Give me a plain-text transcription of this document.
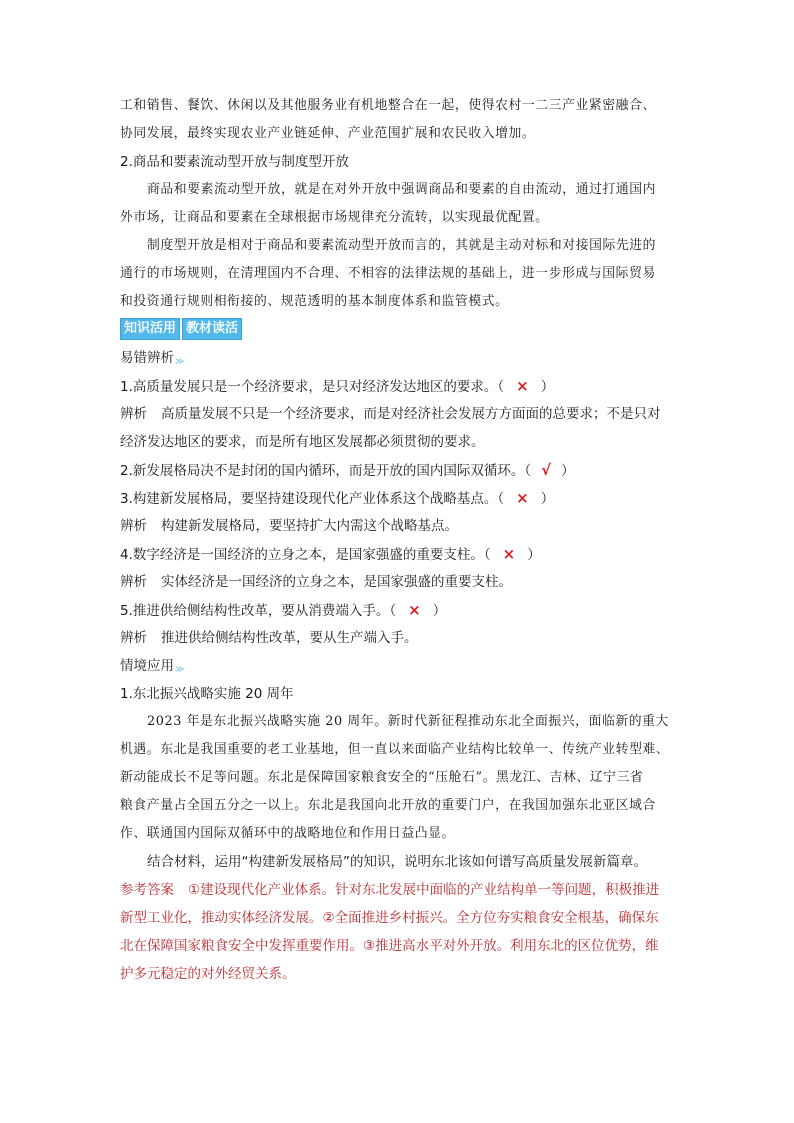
工和销售、餐饮、休闲以及其他服务业有机地整合在一起，使得农村一二三产业紧密融合、
协同发展，最终实现农业产业链延伸、产业范围扩展和农民收入增加。
2.商品和要素流动型开放与制度型开放
商品和要素流动型开放，就是在对外开放中强调商品和要素的自由流动，通过打通国内
外市场，让商品和要素在全球根据市场规律充分流转，以实现最优配置。
制度型开放是相对于商品和要素流动型开放而言的，其就是主动对标和对接国际先进的
通行的市场规则，在清理国内不合理、不相容的法律法规的基础上，进一步形成与国际贸易
和投资通行规则相衔接的、规范透明的基本制度体系和监管模式。
知识活用 教材读活
易错辨析≫
1.高质量发展只是一个经济要求，是只对经济发达地区的要求。（ × ）
辨析 高质量发展不只是一个经济要求，而是对经济社会发展方方面面的总要求；不是只对
经济发达地区的要求，而是所有地区发展都必须贯彻的要求。
2.新发展格局决不是封闭的国内循环，而是开放的国内国际双循环。（ √ ）
3.构建新发展格局，要坚持建设现代化产业体系这个战略基点。（ × ）
辨析 构建新发展格局，要坚持扩大内需这个战略基点。
4.数字经济是一国经济的立身之本，是国家强盛的重要支柱。（ × ）
辨析 实体经济是一国经济的立身之本，是国家强盛的重要支柱。
5.推进供给侧结构性改革，要从消费端入手。（ × ）
辨析 推进供给侧结构性改革，要从生产端入手。
情境应用≫
1.东北振兴战略实施 20 周年
2023 年是东北振兴战略实施 20 周年。新时代新征程推动东北全面振兴，面临新的重大
机遇。东北是我国重要的老工业基地，但一直以来面临产业结构比较单一、传统产业转型难、
新动能成长不足等问题。东北是保障国家粮食安全的“压舱石”。黑龙江、吉林、辽宁三省
粮食产量占全国五分之一以上。东北是我国向北开放的重要门户，在我国加强东北亚区域合
作、联通国内国际双循环中的战略地位和作用日益凸显。
结合材料，运用“构建新发展格局”的知识，说明东北该如何谱写高质量发展新篇章。
参考答案 ①建设现代化产业体系。针对东北发展中面临的产业结构单一等问题，积极推进
新型工业化，推动实体经济发展。②全面推进乡村振兴。全方位夯实粮食安全根基，确保东
北在保障国家粮食安全中发挥重要作用。③推进高水平对外开放。利用东北的区位优势，维
护多元稳定的对外经贸关系。
